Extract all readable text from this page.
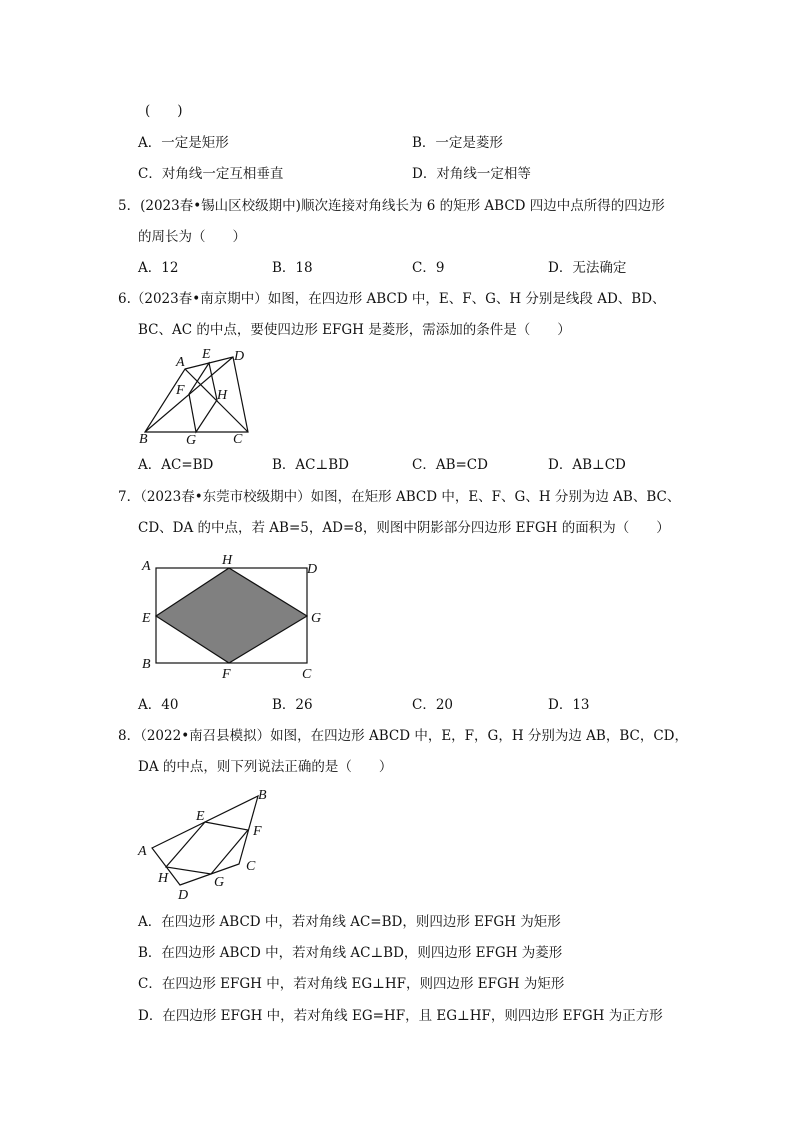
(　　)
A．一定是矩形	B．一定是菱形
C．对角线一定互相垂直	D．对角线一定相等
5．(2023春•锡山区校级期中)顺次连接对角线长为 6 的矩形 ABCD 四边中点所得的四边形
的周长为（　　）
A．12	B．18	C．9	D．无法确定
6.（2023春•南京期中）如图，在四边形 ABCD 中，E、F、G、H 分别是线段 AD、BD、
BC、AC 的中点，要使四边形 EFGH 是菱形，需添加的条件是（　　）
A
E D
F H
B	G	C
A．AC=BD	B．AC⊥BD	C．AB=CD	D．AB⊥CD
7．（2023春•东莞市校级期中）如图，在矩形 ABCD 中，E、F、G、H 分别为边 AB、BC、
CD、DA 的中点，若 AB=5，AD=8，则图中阴影部分四边形 EFGH 的面积为（　　）
A	H
D
E	G
B
F	C
A．40	B．26	C．20	D．13
8．（2022•南召县模拟）如图，在四边形 ABCD 中，E，F，G，H 分别为边 AB，BC，CD，
DA 的中点，则下列说法正确的是（　　）
B
E
F
A
C
H	G
D
A．在四边形 ABCD 中，若对角线 AC=BD，则四边形 EFGH 为矩形
B．在四边形 ABCD 中，若对角线 AC⊥BD，则四边形 EFGH 为菱形
C．在四边形 EFGH 中，若对角线 EG⊥HF，则四边形 EFGH 为矩形
D．在四边形 EFGH 中，若对角线 EG=HF，且 EG⊥HF，则四边形 EFGH 为正方形
